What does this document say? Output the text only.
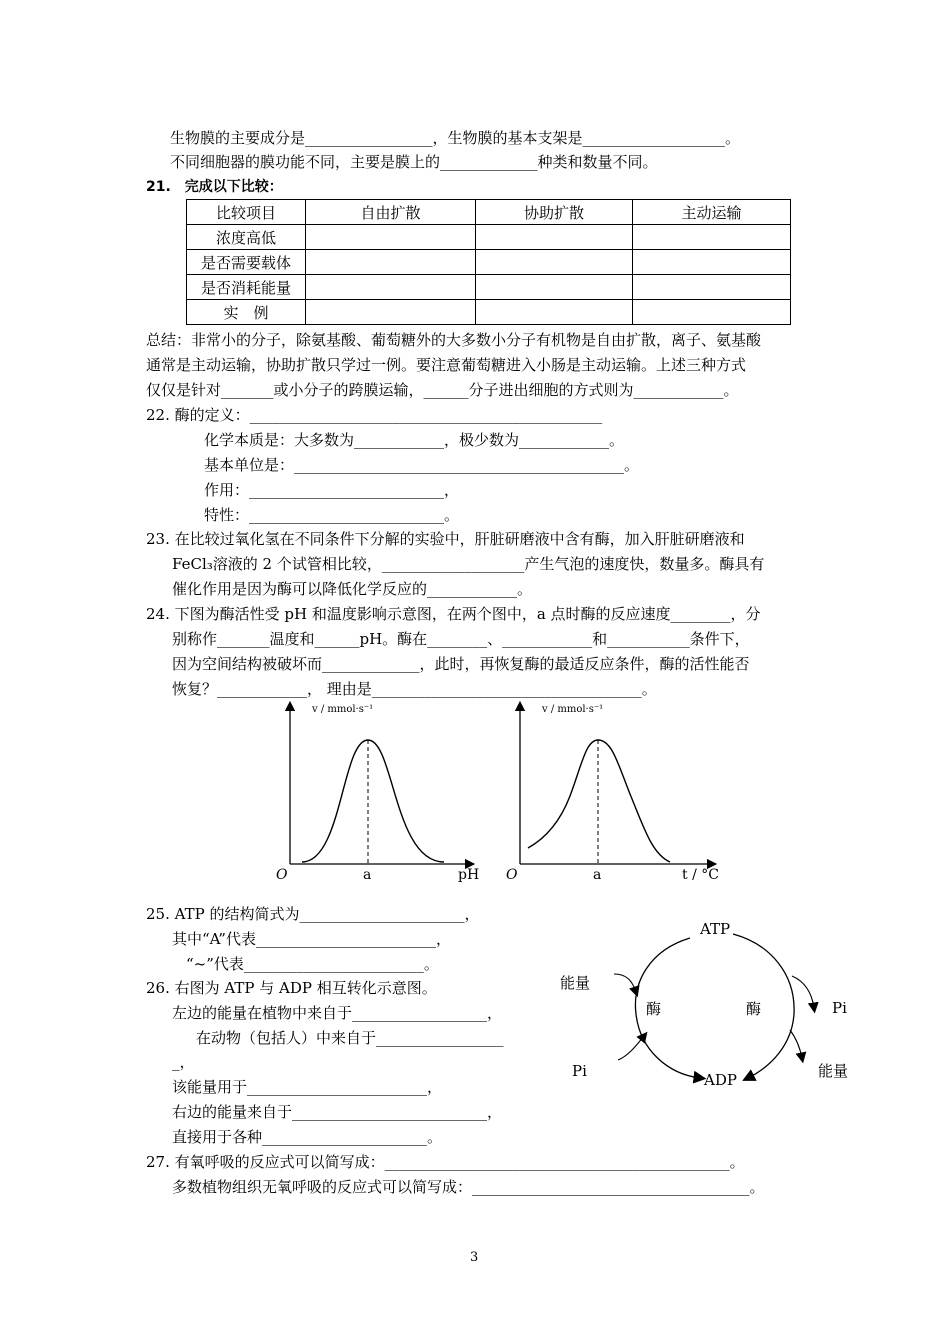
生物膜的主要成分是_________________，生物膜的基本支架是___________________。
不同细胞器的膜功能不同，主要是膜上的_____________种类和数量不同。
21.　完成以下比较：
比较项目	自由扩散	协助扩散	主动运输
浓度高低			
是否需要载体			
是否消耗能量			
实　例			
总结：非常小的分子，除氨基酸、葡萄糖外的大多数小分子有机物是自由扩散，离子、氨基酸
通常是主动运输，协助扩散只学过一例。要注意葡萄糖进入小肠是主动运输。上述三种方式
仅仅是针对_______或小分子的跨膜运输，______分子进出细胞的方式则为____________。
22. 酶的定义：_______________________________________________
化学本质是：大多数为____________，极少数为____________。
基本单位是：____________________________________________。
作用：__________________________，
特性：__________________________。
23. 在比较过氧化氢在不同条件下分解的实验中，肝脏研磨液中含有酶，加入肝脏研磨液和
FeCl₃溶液的 2 个试管相比较，___________________产生气泡的速度快，数量多。酶具有
催化作用是因为酶可以降低化学反应的____________。
24. 下图为酶活性受 pH 和温度影响示意图，在两个图中，a 点时酶的反应速度________，分
别称作_______温度和______pH。酶在________、____________和___________条件下，
因为空间结构被破坏而_____________，此时，再恢复酶的最适反应条件，酶的活性能否
恢复？____________， 理由是____________________________________。
v / mmol·s⁻¹
O	a	pH
v / mmol·s⁻¹
O	a	t / °C
25. ATP 的结构简式为______________________，
其中“A”代表________________________，
“~”代表________________________。
26. 右图为 ATP 与 ADP 相互转化示意图。
左边的能量在植物中来自于__________________，
在动物（包括人）中来自于_________________
_，
该能量用于________________________，
右边的能量来自于__________________________，
直接用于各种______________________。
ATP
ADP
能量
Pi
Pi
能量
酶	酶
27. 有氧呼吸的反应式可以简写成：______________________________________________。
多数植物组织无氧呼吸的反应式可以简写成：_____________________________________。
3
